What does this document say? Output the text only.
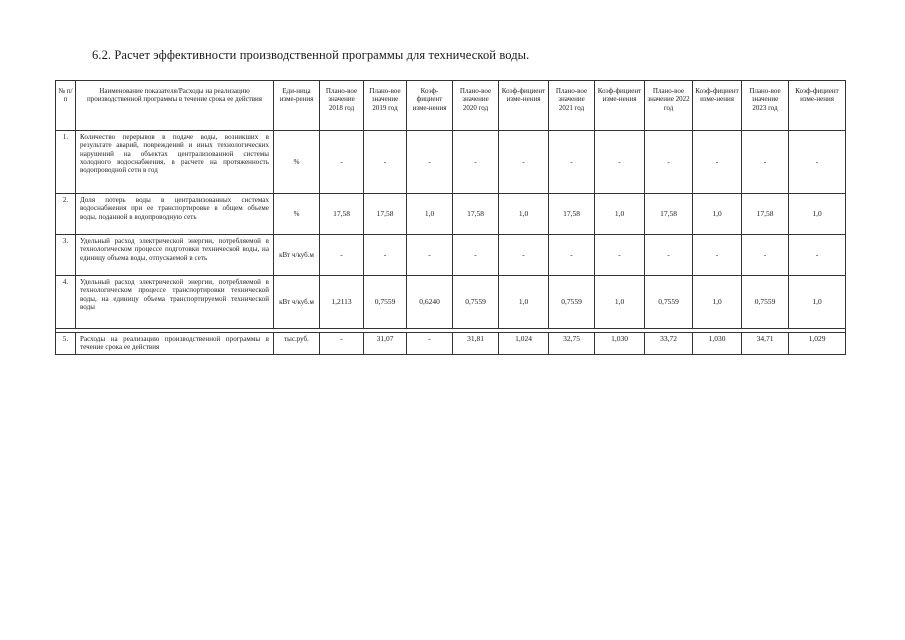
6.2. Расчет эффективности производственной программы для технической воды.
№ п/п	Наименование показателя/Расходы на реализацию производственной программы в течение срока ее действия	Еди-ница изме-рения	Плано-вое значение 2018 год	Плано-вое значение 2019 год	Коэф-фициент изме-нения	Плано-вое значение 2020 год	Коэф-фициент изме-нения	Плано-вое значение 2021 год	Коэф-фициент изме-нения	Плано-вое значение 2022 год	Коэф-фициент изме-нения	Плано-вое значение 2023 год	Коэф-фициент изме-нения
1.	Количество перерывов в подаче воды, возникших в результате аварий, повреждений и иных технологических нарушений на объектах централизованной системы холодного водоснабжения, в расчете на протяженность водопроводной сети в год	%	-	-	-	-	-	-	-	-	-	-	-
2.	Доля потерь воды в централизованных системах водоснабжения при ее транспортировке в общем объеме воды, поданной в водопроводную сеть	%	17,58	17,58	1,0	17,58	1,0	17,58	1,0	17,58	1,0	17,58	1,0
3.	Удельный расход электрической энергии, потребляемой в технологическом процессе подготовки технической воды, на единицу объема воды, отпускаемой в сеть	кВт ч/куб.м	-	-	-	-	-	-	-	-	-	-	-
4.	Удельный расход электрической энергии, потребляемой в технологическом процессе транспортировки технической воды, на единицу объема транспортируемой технической воды	кВт ч/куб.м	1,2113	0,7559	0,6240	0,7559	1,0	0,7559	1,0	0,7559	1,0	0,7559	1,0

5.	Расходы на реализацию производственной программы в течение срока ее действия	тыс.руб.	-	31,07	-	31,81	1,024	32,75	1,030	33,72	1,030	34,71	1,029
